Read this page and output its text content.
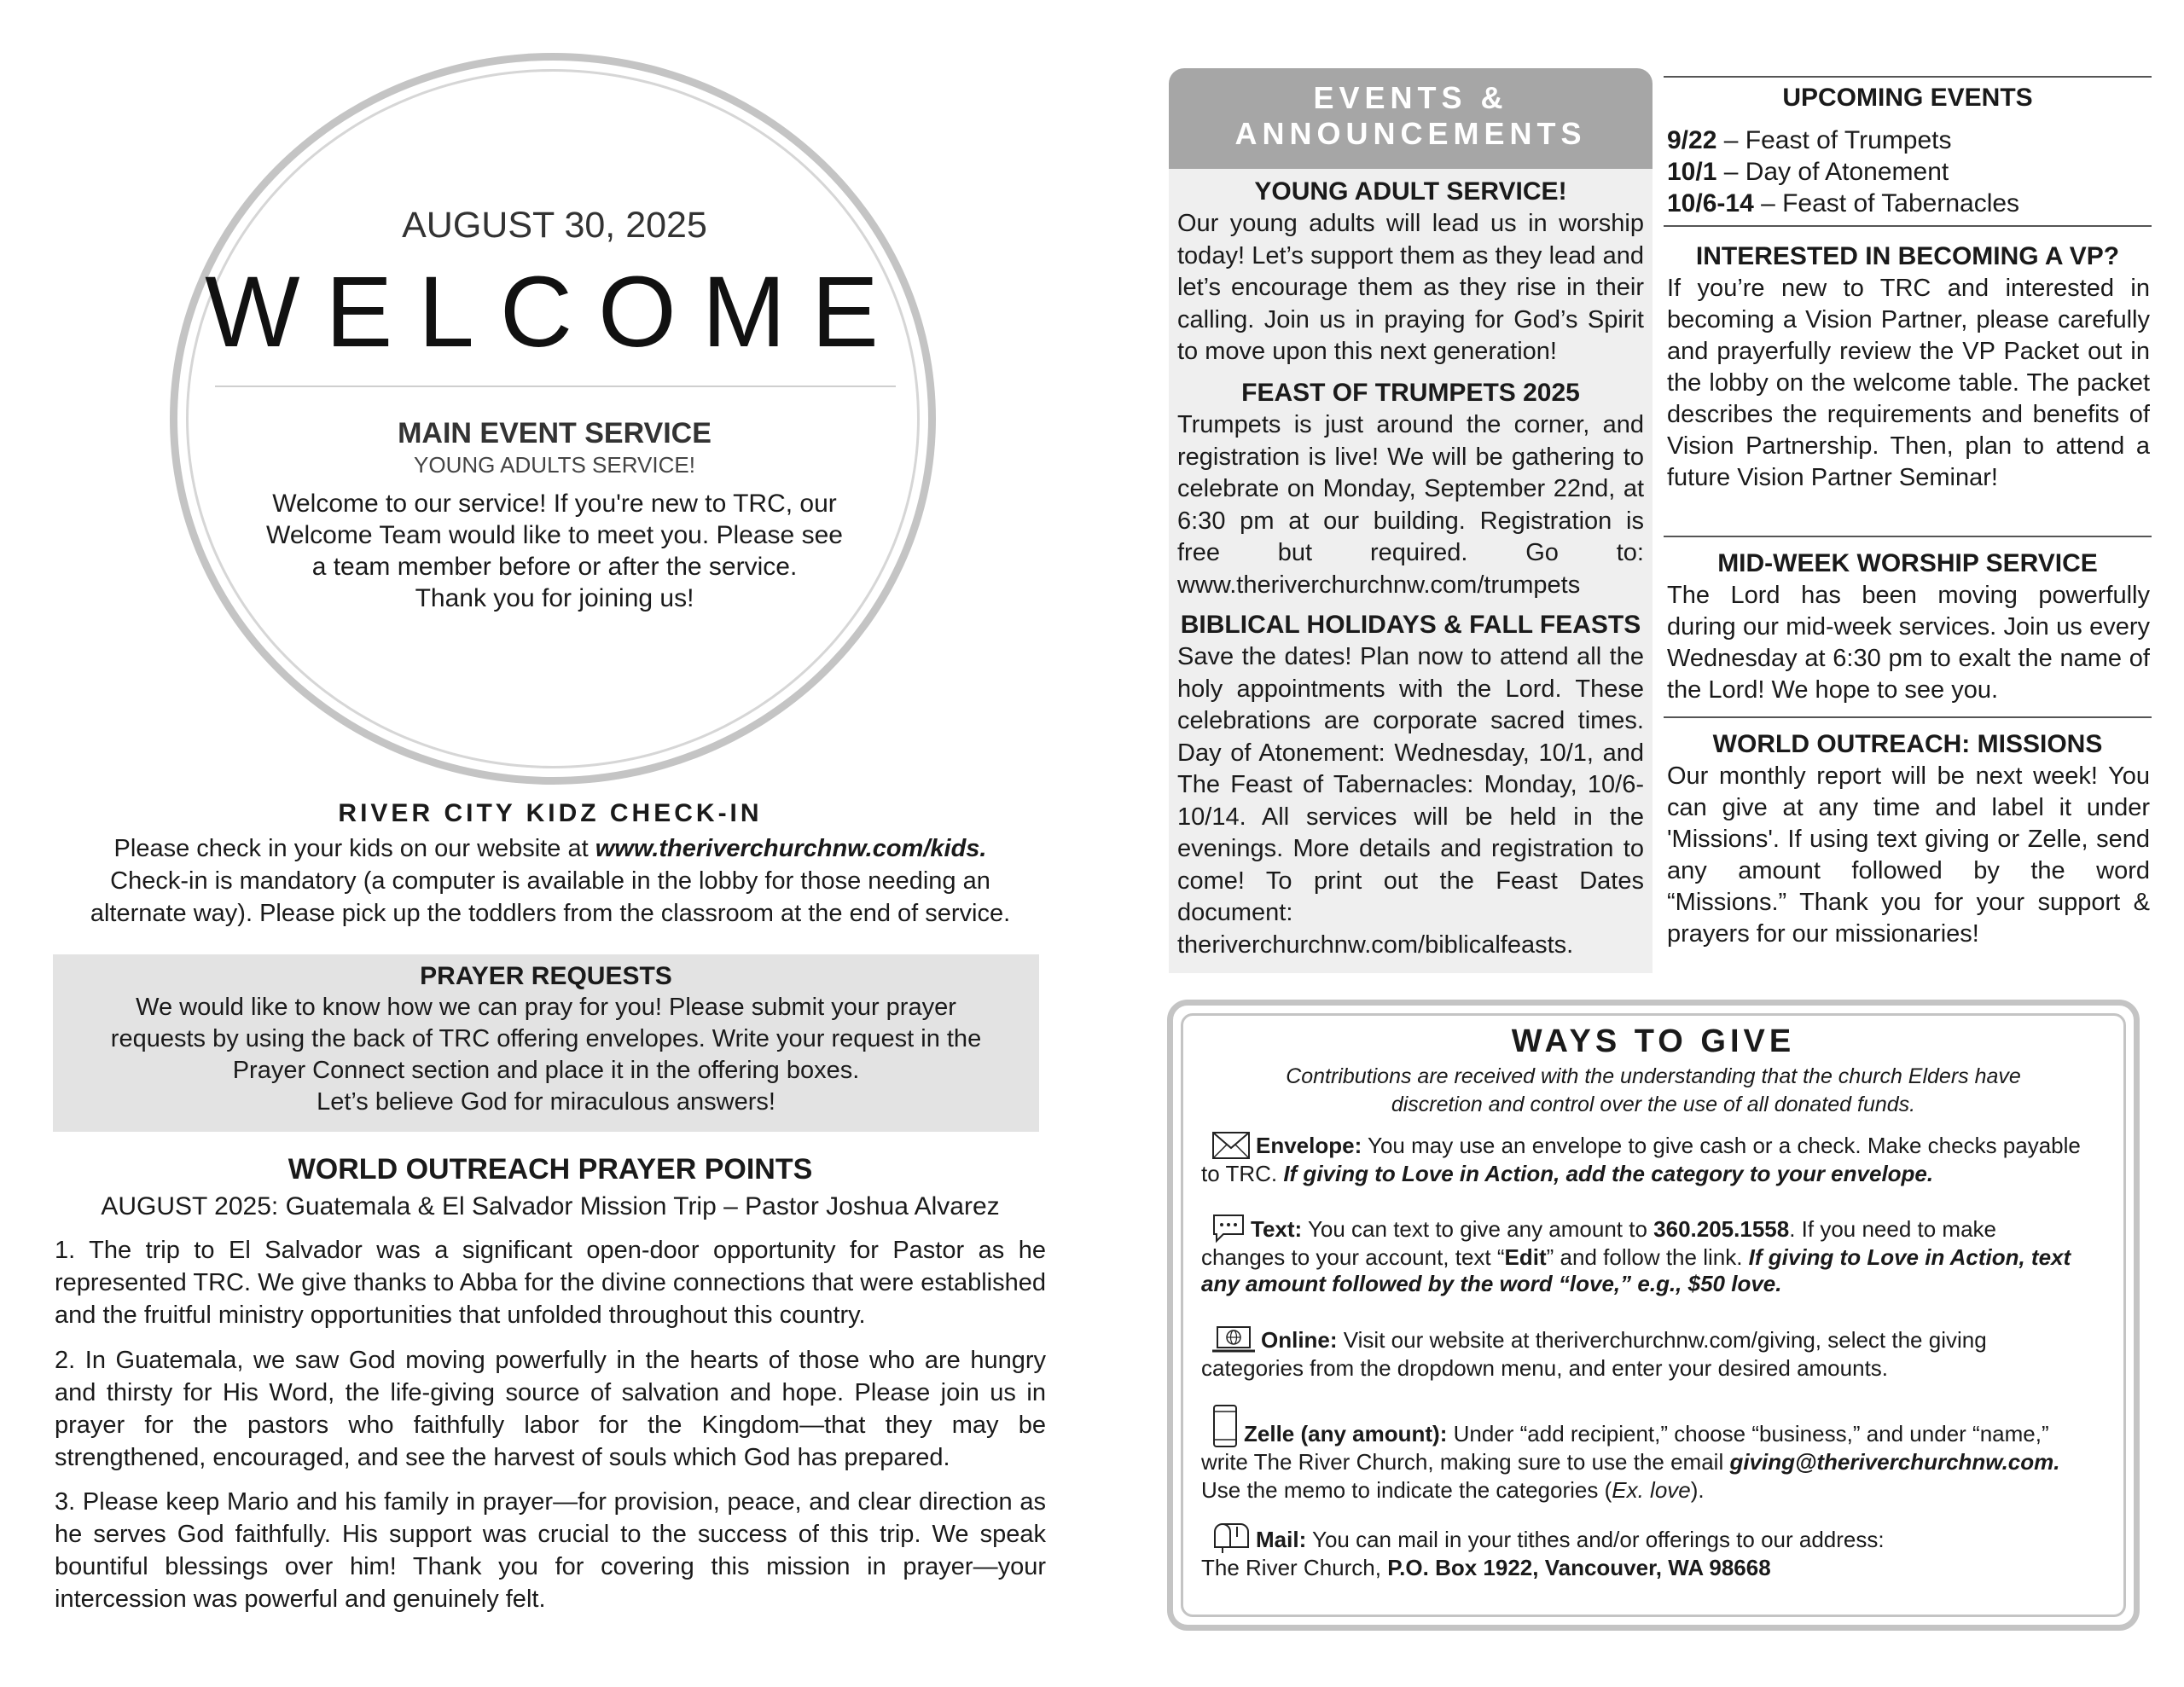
AUGUST 30, 2025
WELCOME
MAIN EVENT SERVICE
YOUNG ADULTS SERVICE!
Welcome to our service! If you're new to TRC, our
Welcome Team would like to meet you. Please see
a team member before or after the service.
Thank you for joining us!
RIVER CITY KIDZ CHECK-IN
Please check in your kids on our website at www.theriverchurchnw.com/kids.
Check-in is mandatory (a computer is available in the lobby for those needing an
alternate way). Please pick up the toddlers from the classroom at the end of service.
PRAYER REQUESTS
We would like to know how we can pray for you! Please submit your prayer
requests by using the back of TRC offering envelopes. Write your request in the
Prayer Connect section and place it in the offering boxes.
Let’s believe God for miraculous answers!
WORLD OUTREACH PRAYER POINTS
AUGUST 2025: Guatemala & El Salvador Mission Trip – Pastor Joshua Alvarez
1. The trip to El Salvador was a significant open-door opportunity for Pastor as he represented TRC. We give thanks to Abba for the divine connections that were established and the fruitful ministry opportunities that unfolded throughout this country.
2. In Guatemala, we saw God moving powerfully in the hearts of those who are hungry and thirsty for His Word, the life-giving source of salvation and hope. Please join us in prayer for the pastors who faithfully labor for the Kingdom—that they may be strengthened, encouraged, and see the harvest of souls which God has prepared.
3. Please keep Mario and his family in prayer—for provision, peace, and clear direction as he serves God faithfully. His support was crucial to the success of this trip. We speak bountiful blessings over him! Thank you for covering this mission in prayer—your intercession was powerful and genuinely felt.
EVENTS &
ANNOUNCEMENTS
YOUNG ADULT SERVICE!
Our young adults will lead us in worship today! Let’s support them as they lead and let’s encourage them as they rise in their calling. Join us in praying for God’s Spirit to move upon this next generation!
FEAST OF TRUMPETS 2025
Trumpets is just around the corner, and registration is live! We will be gathering to celebrate on Monday, September 22nd, at 6:30 pm at our building. Registration is free but required. Go to: www.theriverchurchnw.com/trumpets
BIBLICAL HOLIDAYS & FALL FEASTS
Save the dates! Plan now to attend all the holy appointments with the Lord. These celebrations are corporate sacred times. Day of Atonement: Wednesday, 10/1, and The Feast of Tabernacles: Monday, 10/6-10/14. All services will be held in the evenings. More details and registration to come! To print out the Feast Dates document: theriverchurchnw.com/biblicalfeasts.
UPCOMING EVENTS
9/22 – Feast of Trumpets
10/1 – Day of Atonement
10/6-14 – Feast of Tabernacles
INTERESTED IN BECOMING A VP?
If you’re new to TRC and interested in becoming a Vision Partner, please carefully and prayerfully review the VP Packet out in the lobby on the welcome table. The packet describes the requirements and benefits of Vision Partnership. Then, plan to attend a future Vision Partner Seminar!
MID-WEEK WORSHIP SERVICE
The Lord has been moving powerfully during our mid-week services. Join us every Wednesday at 6:30 pm to exalt the name of the Lord! We hope to see you.
WORLD OUTREACH: MISSIONS
Our monthly report will be next week! You can give at any time and label it under 'Missions'. If using text giving or Zelle, send any amount followed by the word “Missions.” Thank you for your support & prayers for our missionaries!
WAYS TO GIVE
Contributions are received with the understanding that the church Elders have
discretion and control over the use of all donated funds.
Envelope: You may use an envelope to give cash or a check. Make checks payable
to TRC. If giving to Love in Action, add the category to your envelope.
Text: You can text to give any amount to 360.205.1558. If you need to make
changes to your account, text “Edit” and follow the link. If giving to Love in Action, text
any amount followed by the word “love,” e.g., $50 love.
Online: Visit our website at theriverchurchnw.com/giving, select the giving
categories from the dropdown menu, and enter your desired amounts.
Zelle (any amount): Under “add recipient,” choose “business,” and under “name,”
write The River Church, making sure to use the email giving@theriverchurchnw.com.
Use the memo to indicate the categories (Ex. love).
Mail: You can mail in your tithes and/or offerings to our address:
The River Church, P.O. Box 1922, Vancouver, WA 98668
